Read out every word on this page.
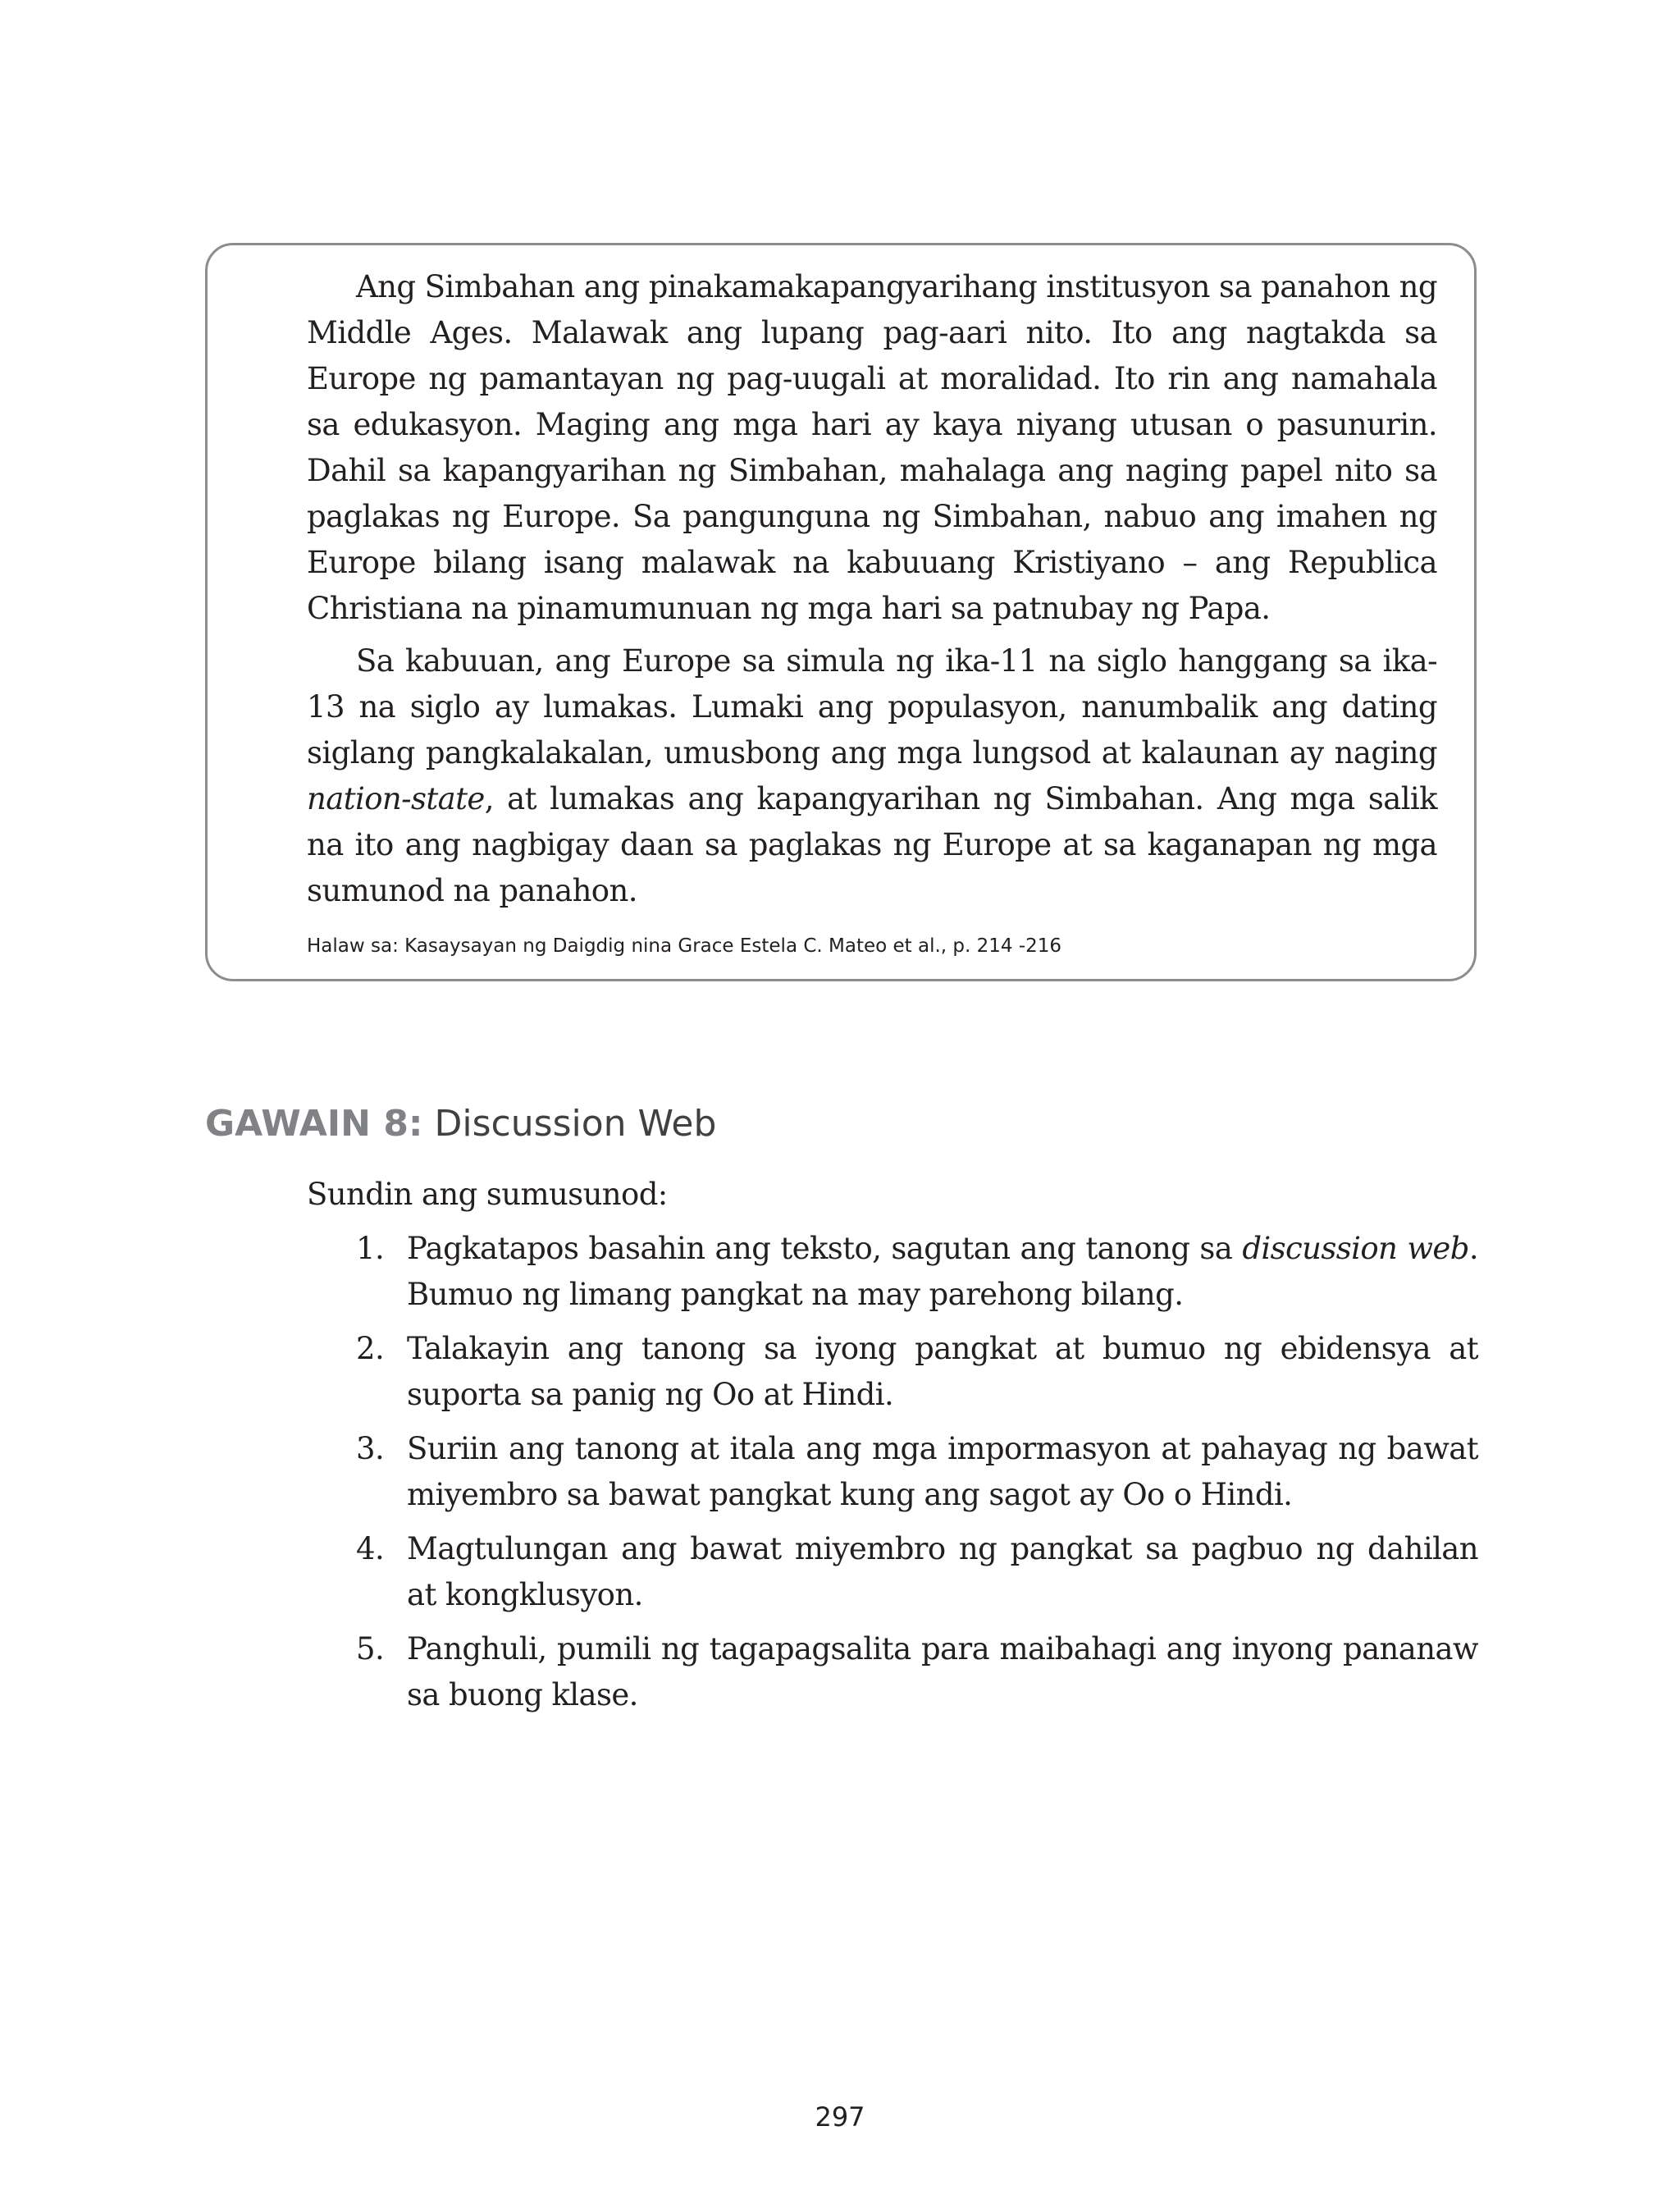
Ang Simbahan ang pinakamakapangyarihang institusyon sa panahon ng Middle Ages. Malawak ang lupang pag-aari nito. Ito ang nagtakda sa Europe ng pamantayan ng pag-uugali at moralidad. Ito rin ang namahala sa edukasyon. Maging ang mga hari ay kaya niyang utusan o pasunurin. Dahil sa kapangyarihan ng Simbahan, mahalaga ang naging papel nito sa paglakas ng Europe. Sa pangunguna ng Simbahan, nabuo ang imahen ng Europe bilang isang malawak na kabuuang Kristiyano – ang Republica Christiana na pinamumunuan ng mga hari sa patnubay ng Papa.

Sa kabuuan, ang Europe sa simula ng ika-11 na siglo hanggang sa ika-13 na siglo ay lumakas. Lumaki ang populasyon, nanumbalik ang dating siglang pangkalakalan, umusbong ang mga lungsod at kalaunan ay naging nation-state, at lumakas ang kapangyarihan ng Simbahan. Ang mga salik na ito ang nagbigay daan sa paglakas ng Europe at sa kaganapan ng mga sumunod na panahon.

Halaw sa: Kasaysayan ng Daigdig nina Grace Estela C. Mateo et al., p. 214 -216
GAWAIN 8: Discussion Web
Sundin ang sumusunod:
1. Pagkatapos basahin ang teksto, sagutan ang tanong sa discussion web. Bumuo ng limang pangkat na may parehong bilang.
2. Talakayin ang tanong sa iyong pangkat at bumuo ng ebidensya at suporta sa panig ng Oo at Hindi.
3. Suriin ang tanong at itala ang mga impormasyon at pahayag ng bawat miyembro sa bawat pangkat kung ang sagot ay Oo o Hindi.
4. Magtulungan ang bawat miyembro ng pangkat sa pagbuo ng dahilan at kongklusyon.
5. Panghuli, pumili ng tagapagsalita para maibahagi ang inyong pananaw sa buong klase.
297
